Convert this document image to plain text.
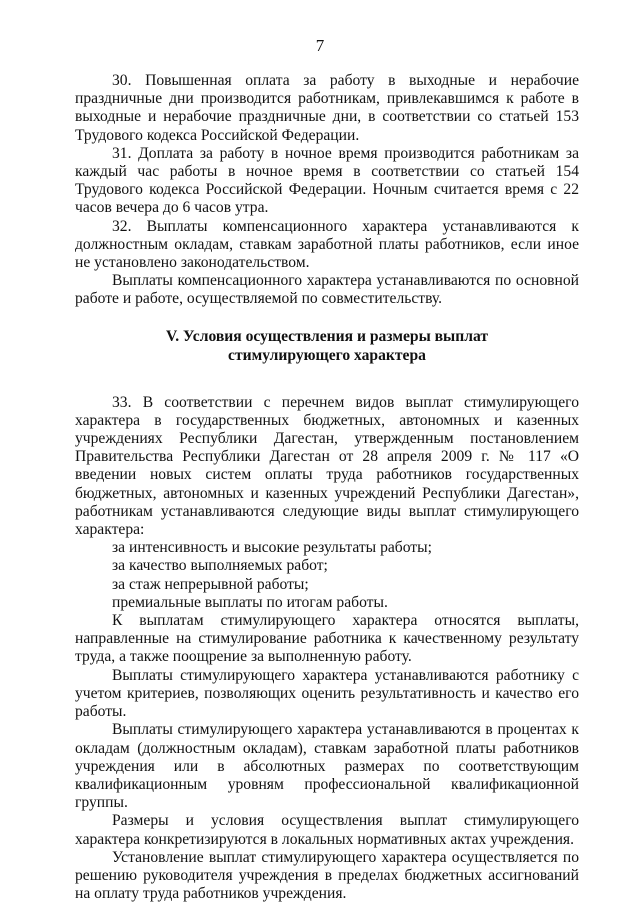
7

30. Повышенная оплата за работу в выходные и нерабочие праздничные дни производится работникам, привлекавшимся к работе в выходные и нерабочие праздничные дни, в соответствии со статьей 153 Трудового кодекса Российской Федерации.

31. Доплата за работу в ночное время производится работникам за каждый час работы в ночное время в соответствии со статьей 154 Трудового кодекса Российской Федерации. Ночным считается время с 22 часов вечера до 6 часов утра.

32. Выплаты компенсационного характера устанавливаются к должностным окладам, ставкам заработной платы работников, если иное не установлено законодательством.

Выплаты компенсационного характера устанавливаются по основной работе и работе, осуществляемой по совместительству.

V. Условия осуществления и размеры выплат
стимулирующего характера

33. В соответствии с перечнем видов выплат стимулирующего характера в государственных бюджетных, автономных и казенных учреждениях Республики Дагестан, утвержденным постановлением Правительства Республики Дагестан от 28 апреля 2009 г. № 117 «О введении новых систем оплаты труда работников государственных бюджетных, автономных и казенных учреждений Республики Дагестан», работникам устанавливаются следующие виды выплат стимулирующего характера:

за интенсивность и высокие результаты работы;

за качество выполняемых работ;

за стаж непрерывной работы;

премиальные выплаты по итогам работы.

К выплатам стимулирующего характера относятся выплаты, направленные на стимулирование работника к качественному результату труда, а также поощрение за выполненную работу.

Выплаты стимулирующего характера устанавливаются работнику с учетом критериев, позволяющих оценить результативность и качество его работы.

Выплаты стимулирующего характера устанавливаются в процентах к окладам (должностным окладам), ставкам заработной платы работников учреждения или в абсолютных размерах по соответствующим квалификационным уровням профессиональной квалификационной группы.

Размеры и условия осуществления выплат стимулирующего характера конкретизируются в локальных нормативных актах учреждения.

Установление выплат стимулирующего характера осуществляется по решению руководителя учреждения в пределах бюджетных ассигнований на оплату труда работников учреждения.
